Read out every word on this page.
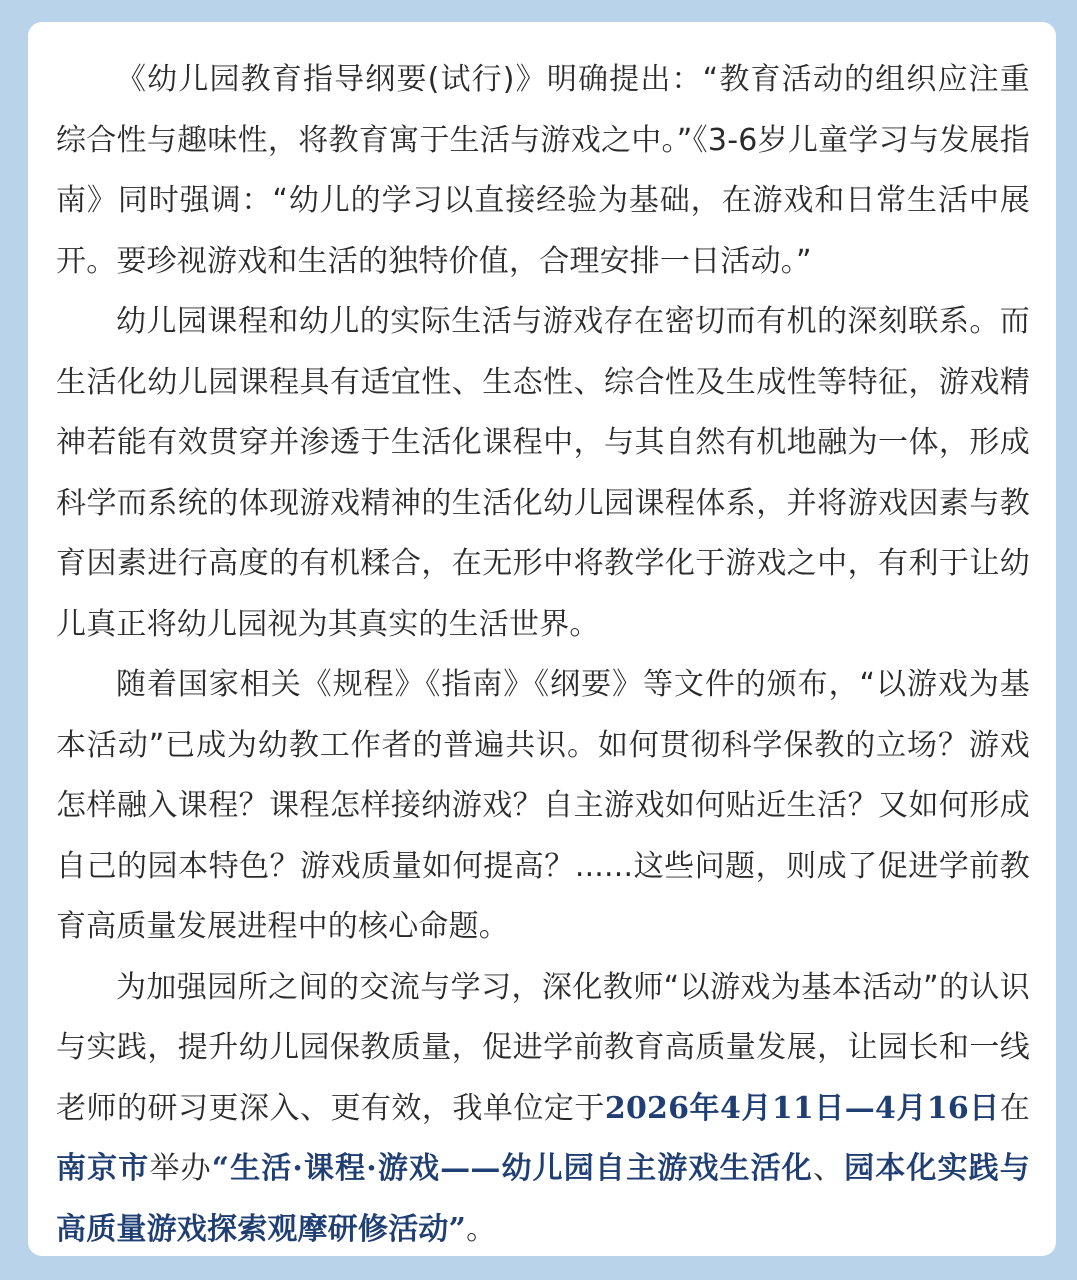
《幼儿园教育指导纲要(试行)》明确提出：“教育活动的组织应注重综合性与趣味性，将教育寓于生活与游戏之中。”《3-6岁儿童学习与发展指南》同时强调：“幼儿的学习以直接经验为基础，在游戏和日常生活中展开。要珍视游戏和生活的独特价值，合理安排一日活动。”

幼儿园课程和幼儿的实际生活与游戏存在密切而有机的深刻联系。而生活化幼儿园课程具有适宜性、生态性、综合性及生成性等特征，游戏精神若能有效贯穿并渗透于生活化课程中，与其自然有机地融为一体，形成科学而系统的体现游戏精神的生活化幼儿园课程体系，并将游戏因素与教育因素进行高度的有机糅合，在无形中将教学化于游戏之中，有利于让幼儿真正将幼儿园视为其真实的生活世界。

随着国家相关《规程》《指南》《纲要》等文件的颁布，“以游戏为基本活动”已成为幼教工作者的普遍共识。如何贯彻科学保教的立场？游戏怎样融入课程？课程怎样接纳游戏？自主游戏如何贴近生活？又如何形成自己的园本特色？游戏质量如何提高？......这些问题，则成了促进学前教育高质量发展进程中的核心命题。

为加强园所之间的交流与学习，深化教师“以游戏为基本活动”的认识与实践，提升幼儿园保教质量，促进学前教育高质量发展，让园长和一线老师的研习更深入、更有效，我单位定于2026年4月11日—4月16日在南京市举办“生活·课程·游戏——幼儿园自主游戏生活化、园本化实践与高质量游戏探索观摩研修活动”。
